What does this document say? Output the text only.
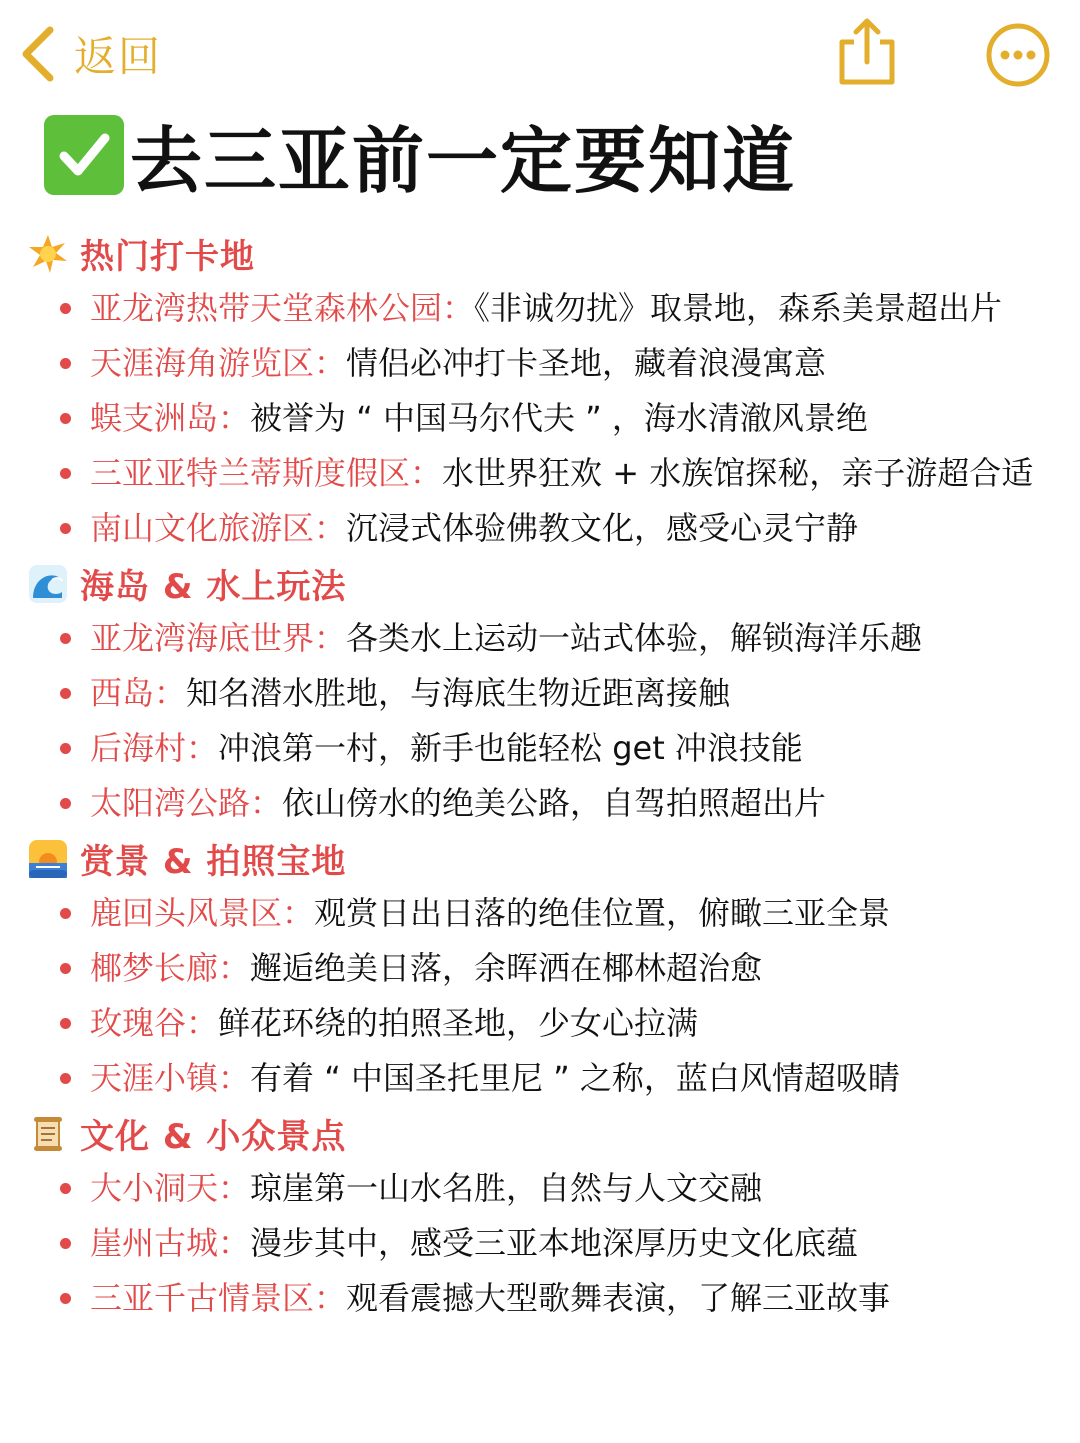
返回
去三亚前一定要知道
热门打卡地
亚龙湾热带天堂森林公园：《非诚勿扰》取景地，森系美景超出片
天涯海角游览区：情侣必冲打卡圣地，藏着浪漫寓意
蜈支洲岛：被誉为 “ 中国马尔代夫 ” ，海水清澈风景绝
三亚亚特兰蒂斯度假区：水世界狂欢 + 水族馆探秘，亲子游超合适
南山文化旅游区：沉浸式体验佛教文化，感受心灵宁静
海岛 & 水上玩法
亚龙湾海底世界：各类水上运动一站式体验，解锁海洋乐趣
西岛：知名潜水胜地，与海底生物近距离接触
后海村：冲浪第一村，新手也能轻松 get 冲浪技能
太阳湾公路：依山傍水的绝美公路，自驾拍照超出片
赏景 & 拍照宝地
鹿回头风景区：观赏日出日落的绝佳位置，俯瞰三亚全景
椰梦长廊：邂逅绝美日落，余晖洒在椰林超治愈
玫瑰谷：鲜花环绕的拍照圣地，少女心拉满
天涯小镇：有着 “ 中国圣托里尼 ” 之称，蓝白风情超吸睛
文化 & 小众景点
大小洞天：琼崖第一山水名胜，自然与人文交融
崖州古城：漫步其中，感受三亚本地深厚历史文化底蕴
三亚千古情景区：观看震撼大型歌舞表演，了解三亚故事
